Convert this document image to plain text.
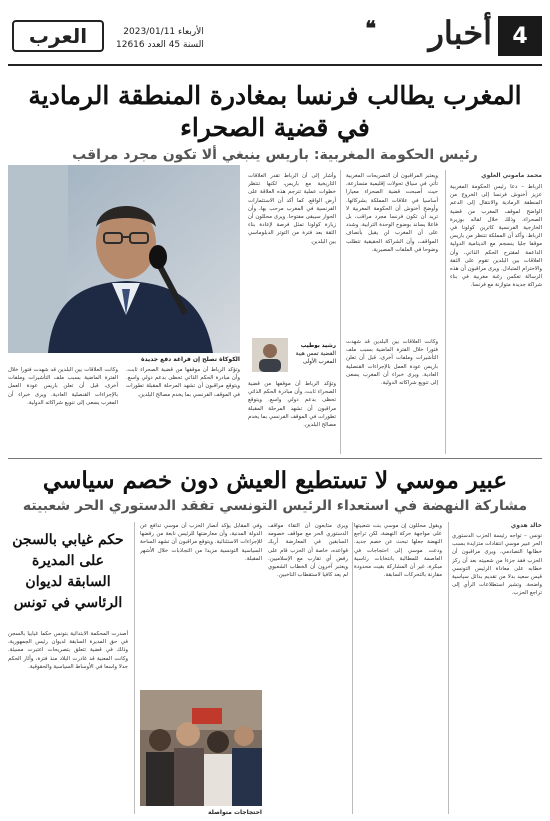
4
أخبار
❝
الأربعاء 2023/01/11
السنة 45 العدد 12616
العرب
المغرب يطالب فرنسا بمغادرة المنطقة الرمادية
في قضية الصحراء
رئيس الحكومة المغربية: باريس ينبغي ألا تكون مجرد مراقب
محمد ماموني العلوي
الرباط – دعا رئيس الحكومة المغربية عزيز أخنوش فرنسا إلى الخروج من المنطقة الرمادية والانتقال إلى الدعم الواضح لموقف المغرب من قضية الصحراء، وذلك خلال لقائه بوزيرة الخارجية الفرنسية كاترين كولونا في الرباط. وأكد أن المملكة تنتظر من باريس موقفا جليا ينسجم مع الدينامية الدولية الداعمة لمقترح الحكم الذاتي، وأن العلاقات بين البلدين تقوم على الثقة والاحترام المتبادل. ويرى مراقبون أن هذه الرسالة تعكس رغبة مغربية في بناء شراكة جديدة متوازنة مع فرنسا.
ويعتبر المراقبون أن التصريحات المغربية تأتي في سياق تحولات إقليمية متسارعة، حيث أصبحت قضية الصحراء معيارا أساسيا في علاقات المملكة بشركائها. وأوضح أخنوش أن الحكومة المغربية لا تريد أن تكون فرنسا مجرد مراقب، بل فاعلا يساند بوضوح الوحدة الترابية. وشدد على أن المغرب لن يقبل بأنصاف المواقف، وأن الشراكة الحقيقية تتطلب وضوحا في الملفات المصيرية.
وأشار إلى أن الرباط تقدر العلاقات التاريخية مع باريس، لكنها تنتظر خطوات عملية تترجم هذه العلاقة على أرض الواقع. كما أكد أن الاستثمارات الفرنسية في المغرب مرحب بها، وأن الحوار سيبقى مفتوحا. ويرى محللون أن زيارة كولونا تمثل فرصة لإعادة بناء الثقة بعد فترة من التوتر الدبلوماسي بين البلدين.
رشيد بوطيب
القضية تمس هيبة المغرب الأولى
وتؤكد الرباط أن موقفها من قضية الصحراء ثابت، وأن مبادرة الحكم الذاتي تحظى بدعم دولي واسع. ويتوقع مراقبون أن تشهد المرحلة المقبلة تطورات في الموقف الفرنسي بما يخدم مصالح البلدين.
وكانت العلاقات بين البلدين قد شهدت فتورا خلال الفترة الماضية بسبب ملف التأشيرات وملفات أخرى، قبل أن تعلن باريس عودة العمل بالإجراءات القنصلية العادية. ويرى خبراء أن المغرب يسعى إلى تنويع شراكاته الدولية.
الكوكاة تصلح إن فراغة دفع جديدة
وكانت العلاقات بين البلدين قد شهدت فتورا خلال الفترة الماضية بسبب ملف التأشيرات وملفات أخرى، قبل أن تعلن باريس عودة العمل بالإجراءات القنصلية العادية. ويرى خبراء أن المغرب يسعى إلى تنويع شراكاته الدولية.
وتؤكد الرباط أن موقفها من قضية الصحراء ثابت، وأن مبادرة الحكم الذاتي تحظى بدعم دولي واسع. ويتوقع مراقبون أن تشهد المرحلة المقبلة تطورات في الموقف الفرنسي بما يخدم مصالح البلدين.
عبير موسي لا تستطيع العيش دون خصم سياسي
مشاركة النهضة في استعداء الرئيس التونسي تفقد الدستوري الحر شعبيته
خالد هدوي
تونس – تواجه رئيسة الحزب الدستوري الحر عبير موسي انتقادات متزايدة بسبب خطابها التصادمي، ويرى مراقبون أن الحزب فقد جزءا من شعبيته بعد أن ركز خطابه على معاداة الرئيس التونسي قيس سعيد بدلا من تقديم بدائل سياسية واضحة. وتشير استطلاعات الرأي إلى تراجع الحزب.
ويقول محللون إن موسي بنت شعبيتها على مواجهة حركة النهضة، لكن تراجع النهضة جعلها تبحث عن خصم جديد. ودعت موسي إلى احتجاجات في العاصمة للمطالبة بانتخابات رئاسية مبكرة، غير أن المشاركة بقيت محدودة مقارنة بالتحركات السابقة.
ويرى متابعون أن التقاء مواقف الدستوري الحر مع مواقف خصومه السابقين في المعارضة أربك قواعده، خاصة أن الحزب قام على رفض أي تقارب مع الإسلاميين. ويعتبر آخرون أن الخطاب الشعبوي لم يعد كافيا لاستقطاب الناخبين.
وفي المقابل يؤكد أنصار الحزب أن موسي تدافع عن الدولة المدنية، وأن معارضتها للرئيس نابعة من رفضها للإجراءات الاستثنائية. ويتوقع مراقبون أن تشهد الساحة السياسية التونسية مزيدا من التجاذبات خلال الأشهر المقبلة.
حكم غيابي بالسجن على المديرة السابقة لديوان الرئاسي في تونس
أصدرت المحكمة الابتدائية بتونس حكما غيابيا بالسجن في حق المديرة السابقة لديوان رئيس الجمهورية، وذلك في قضية تتعلق بتصريحات اعتبرت مسيئة. وكانت المعنية قد غادرت البلاد منذ فترة، وأثار الحكم جدلا واسعا في الأوساط السياسية والحقوقية.
احتجاجات متواصلة
